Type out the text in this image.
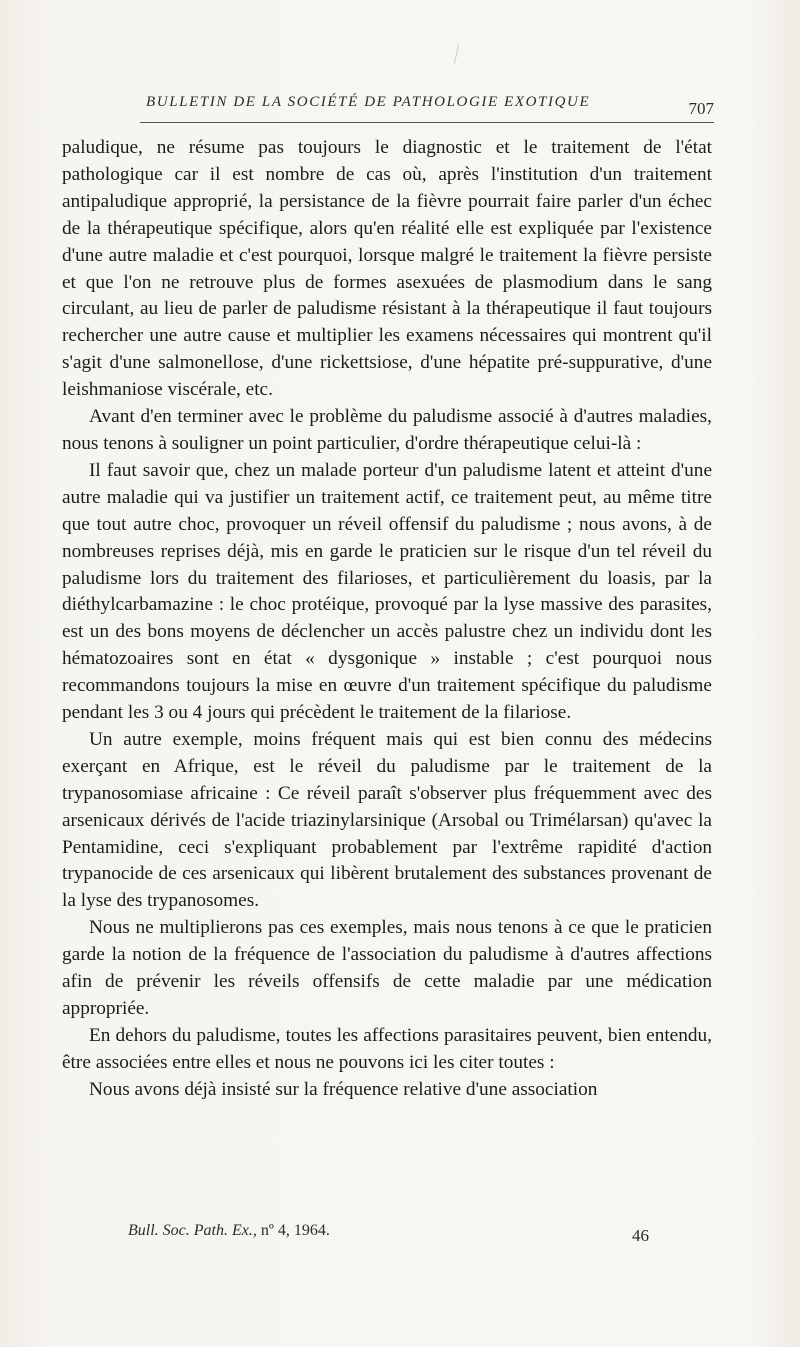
BULLETIN DE LA SOCIÉTÉ DE PATHOLOGIE EXOTIQUE	707

paludique, ne résume pas toujours le diagnostic et le traitement de l'état pathologique car il est nombre de cas où, après l'institution d'un traitement antipaludique approprié, la persistance de la fièvre pourrait faire parler d'un échec de la thérapeutique spécifique, alors qu'en réalité elle est expliquée par l'existence d'une autre maladie et c'est pourquoi, lorsque malgré le traitement la fièvre persiste et que l'on ne retrouve plus de formes asexuées de plasmodium dans le sang circulant, au lieu de parler de paludisme résistant à la thérapeutique il faut toujours rechercher une autre cause et multiplier les examens nécessaires qui montrent qu'il s'agit d'une salmonellose, d'une rickettsiose, d'une hépatite pré-suppurative, d'une leishmaniose viscérale, etc.

Avant d'en terminer avec le problème du paludisme associé à d'autres maladies, nous tenons à souligner un point particulier, d'ordre thérapeutique celui-là :

Il faut savoir que, chez un malade porteur d'un paludisme latent et atteint d'une autre maladie qui va justifier un traitement actif, ce traitement peut, au même titre que tout autre choc, provoquer un réveil offensif du paludisme ; nous avons, à de nombreuses reprises déjà, mis en garde le praticien sur le risque d'un tel réveil du paludisme lors du traitement des filarioses, et particulièrement du loasis, par la diéthylcarbamazine : le choc protéique, provoqué par la lyse massive des parasites, est un des bons moyens de déclencher un accès palustre chez un individu dont les hématozoaires sont en état « dysgonique » instable ; c'est pourquoi nous recommandons toujours la mise en œuvre d'un traitement spécifique du paludisme pendant les 3 ou 4 jours qui précèdent le traitement de la filariose.

Un autre exemple, moins fréquent mais qui est bien connu des médecins exerçant en Afrique, est le réveil du paludisme par le traitement de la trypanosomiase africaine : Ce réveil paraît s'observer plus fréquemment avec des arsenicaux dérivés de l'acide triazinylarsinique (Arsobal ou Trimélarsan) qu'avec la Pentamidine, ceci s'expliquant probablement par l'extrême rapidité d'action trypanocide de ces arsenicaux qui libèrent brutalement des substances provenant de la lyse des trypanosomes.

Nous ne multiplierons pas ces exemples, mais nous tenons à ce que le praticien garde la notion de la fréquence de l'association du paludisme à d'autres affections afin de prévenir les réveils offensifs de cette maladie par une médication appropriée.

En dehors du paludisme, toutes les affections parasitaires peuvent, bien entendu, être associées entre elles et nous ne pouvons ici les citer toutes :

Nous avons déjà insisté sur la fréquence relative d'une association

Bull. Soc. Path. Ex., nº 4, 1964.	46
